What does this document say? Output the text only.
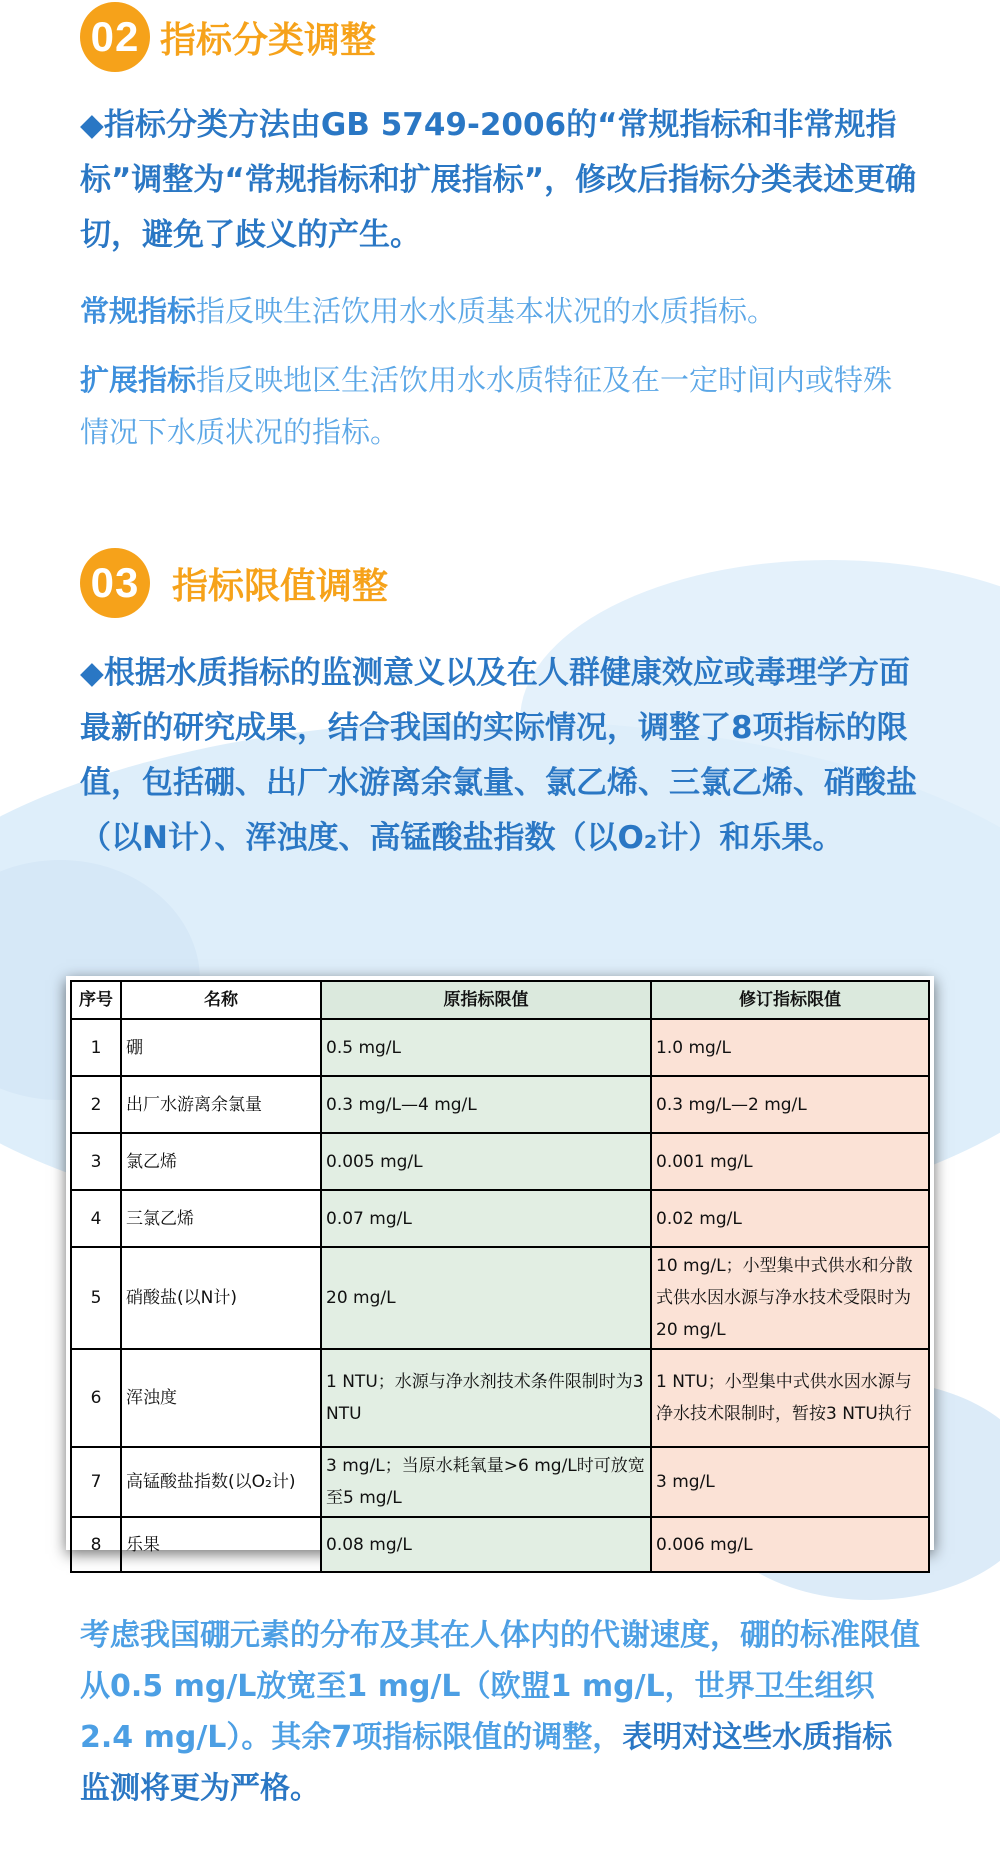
02 指标分类调整
◆指标分类方法由GB 5749-2006的“常规指标和非常规指标”调整为“常规指标和扩展指标”，修改后指标分类表述更确切，避免了歧义的产生。
常规指标指反映生活饮用水水质基本状况的水质指标。
扩展指标指反映地区生活饮用水水质特征及在一定时间内或特殊情况下水质状况的指标。
03 指标限值调整
◆根据水质指标的监测意义以及在人群健康效应或毒理学方面最新的研究成果，结合我国的实际情况，调整了8项指标的限值，包括硼、出厂水游离余氯量、氯乙烯、三氯乙烯、硝酸盐（以N计）、浑浊度、高锰酸盐指数（以O₂计）和乐果。
序号	名称	原指标限值	修订指标限值
1	硼	0.5 mg/L	1.0 mg/L
2	出厂水游离余氯量	0.3 mg/L—4 mg/L	0.3 mg/L—2 mg/L
3	氯乙烯	0.005 mg/L	0.001 mg/L
4	三氯乙烯	0.07 mg/L	0.02 mg/L
5	硝酸盐(以N计)	20 mg/L	10 mg/L；小型集中式供水和分散式供水因水源与净水技术受限时为20 mg/L
6	浑浊度	1 NTU；水源与净水剂技术条件限制时为3 NTU	1 NTU；小型集中式供水因水源与净水技术限制时，暂按3 NTU执行
7	高锰酸盐指数(以O₂计)	3 mg/L；当原水耗氧量>6 mg/L时可放宽至5 mg/L	3 mg/L
8	乐果	0.08 mg/L	0.006 mg/L
考虑我国硼元素的分布及其在人体内的代谢速度，硼的标准限值从0.5 mg/L放宽至1 mg/L（欧盟1 mg/L，世界卫生组织2.4 mg/L）。其余7项指标限值的调整，表明对这些水质指标监测将更为严格。
